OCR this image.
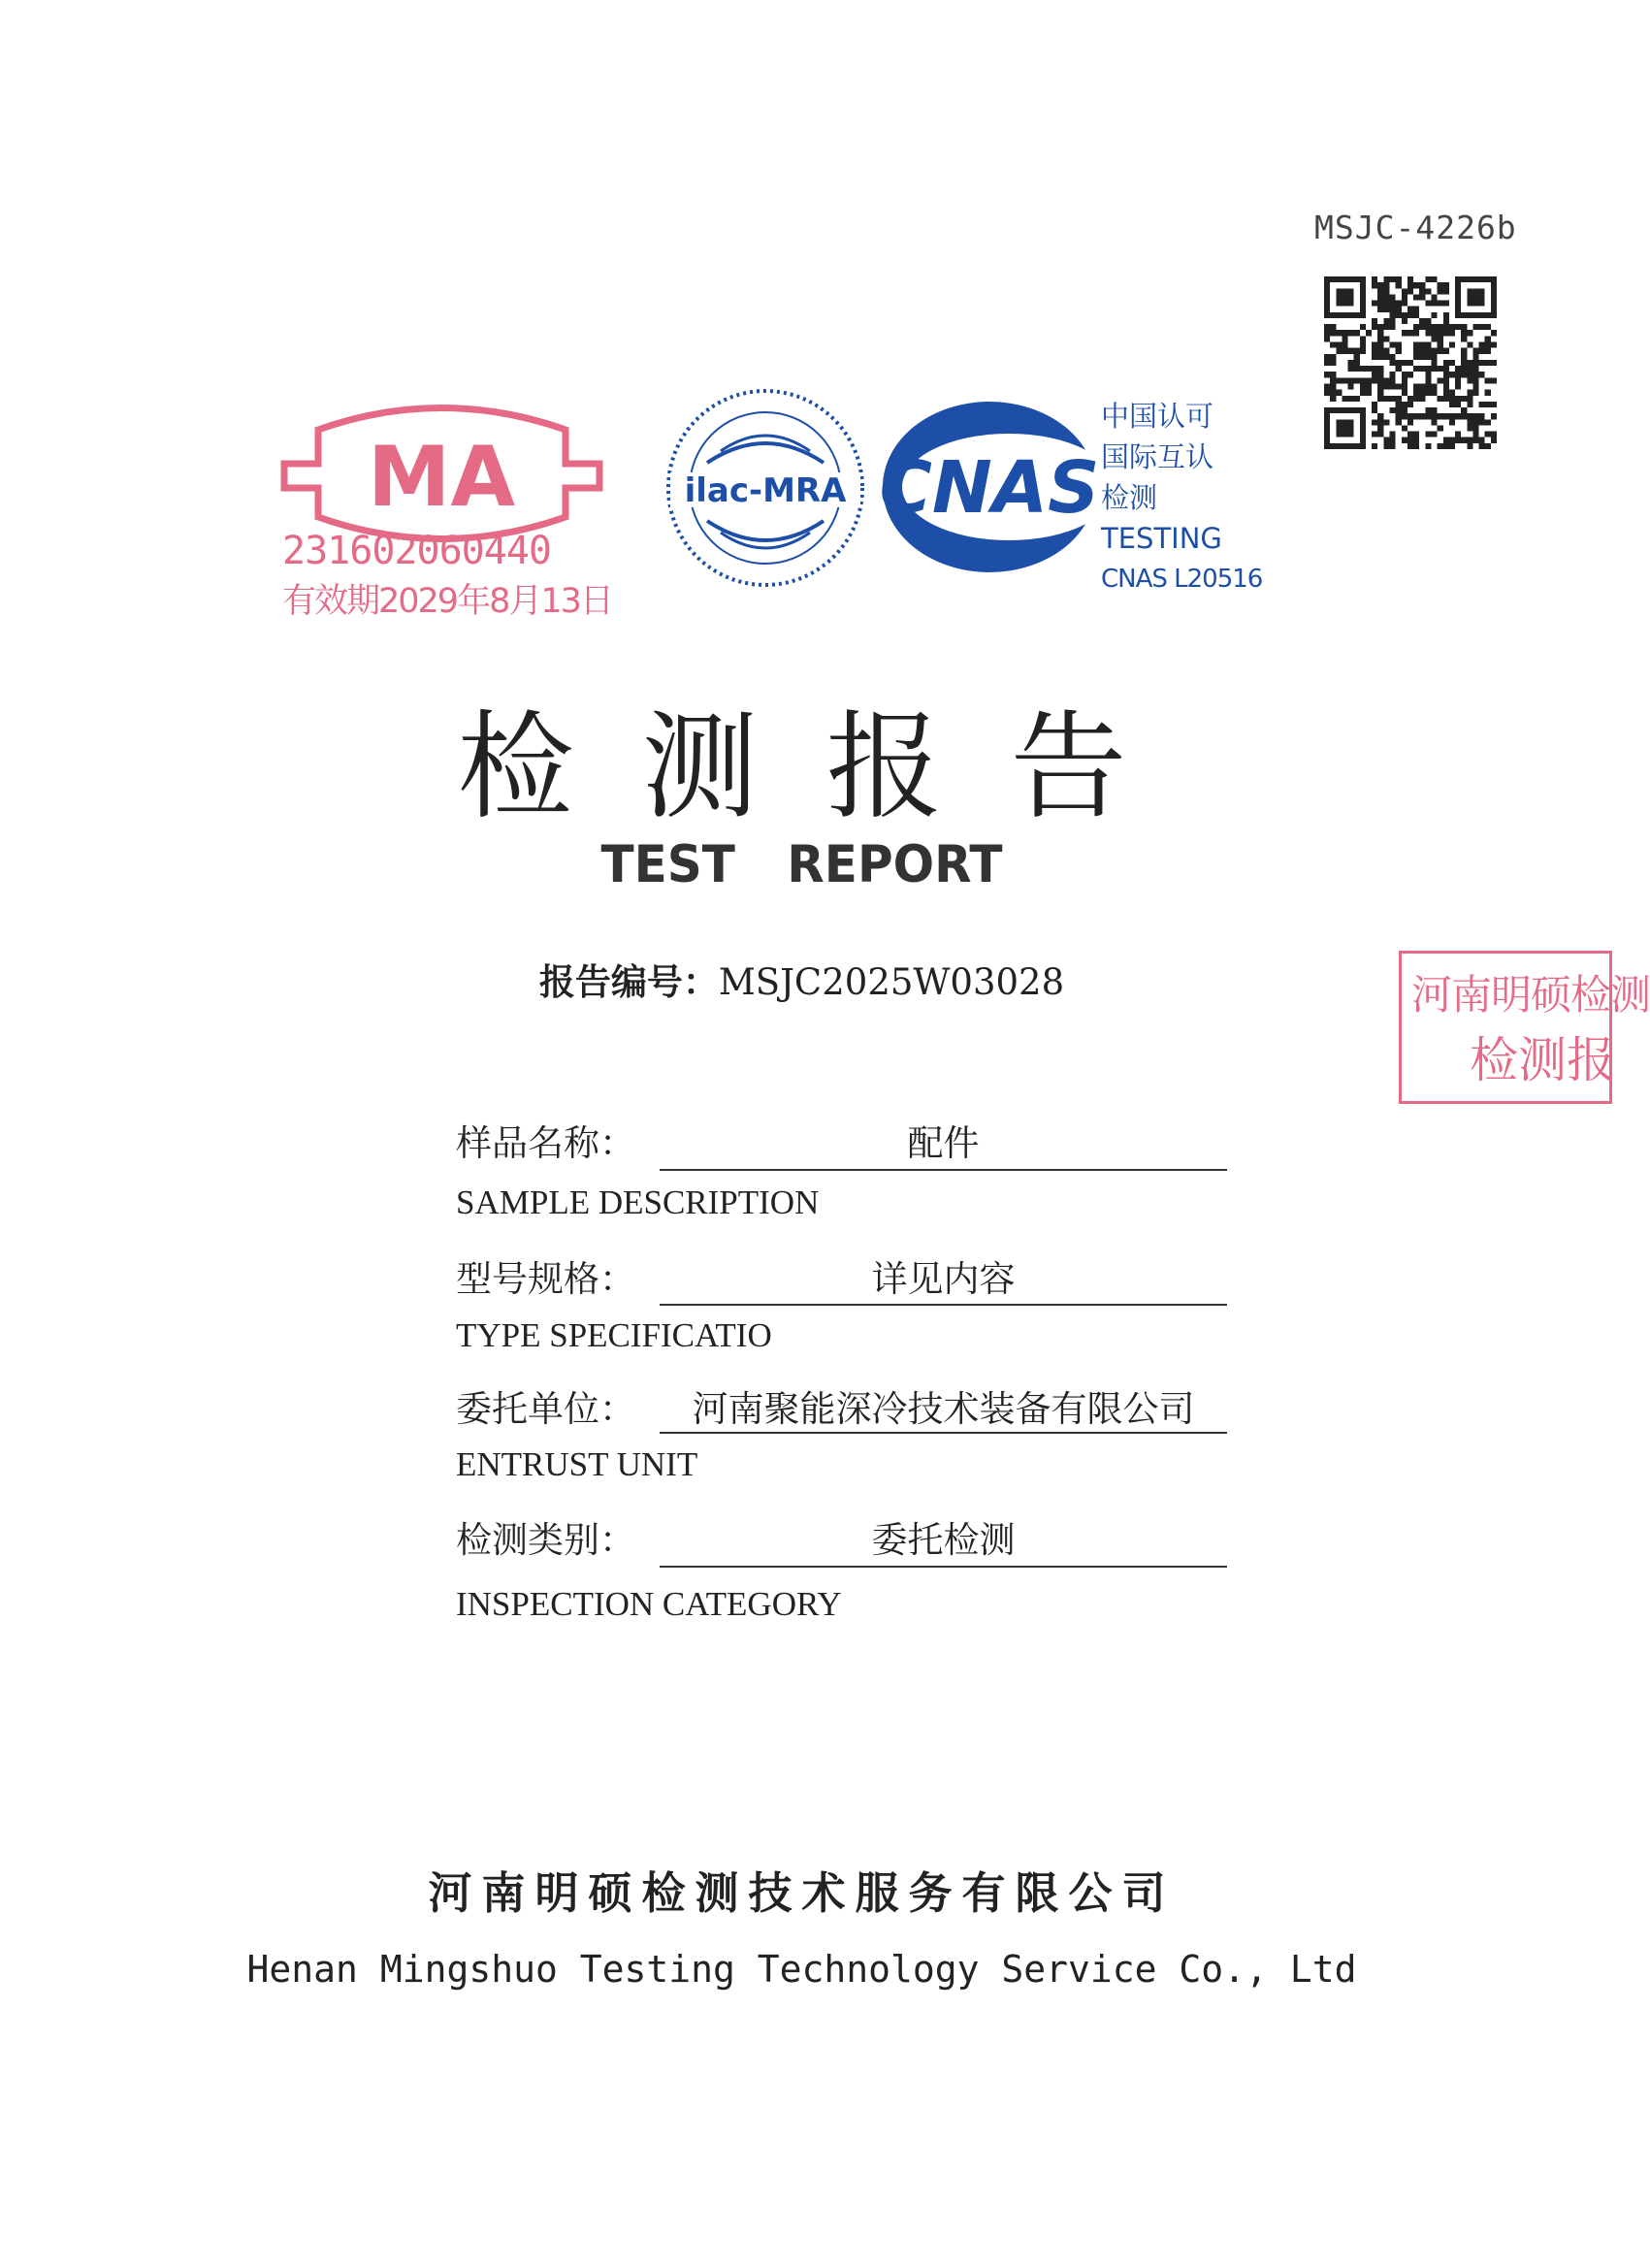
MSJC-4226b
MA
231602060440
有效期2029年8月13日
ilac-MRA CNAS
中国认可
国际互认
检测
TESTING
CNAS L20516
河南明硕检测
检测报
检测报告
TEST REPORT
报告编号：MSJC2025W03028
样品名称：	配件
SAMPLE DESCRIPTION
型号规格：	详见内容
TYPE SPECIFICATIO
委托单位：	河南聚能深冷技术装备有限公司
ENTRUST UNIT
检测类别：	委托检测
INSPECTION CATEGORY
河南明硕检测技术服务有限公司
Henan Mingshuo Testing Technology Service Co., Ltd
